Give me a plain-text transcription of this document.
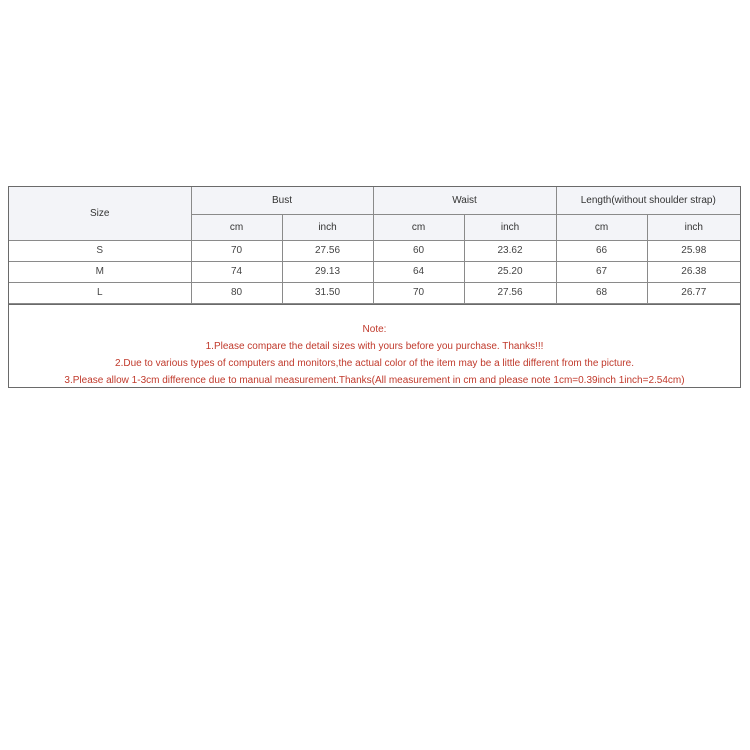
Size	Bust		Waist		Length(without shoulder strap)	
	cm	inch	cm	inch	cm	inch
S	70	27.56	60	23.62	66	25.98
M	74	29.13	64	25.20	67	26.38
L	80	31.50	70	27.56	68	26.77
Note:
1.Please compare the detail sizes with yours before you purchase. Thanks!!!
2.Due to various types of computers and monitors,the actual color of the item may be a little different from the picture.
3.Please allow 1-3cm difference due to manual measurement.Thanks(All measurement in cm and please note 1cm=0.39inch 1inch=2.54cm)
